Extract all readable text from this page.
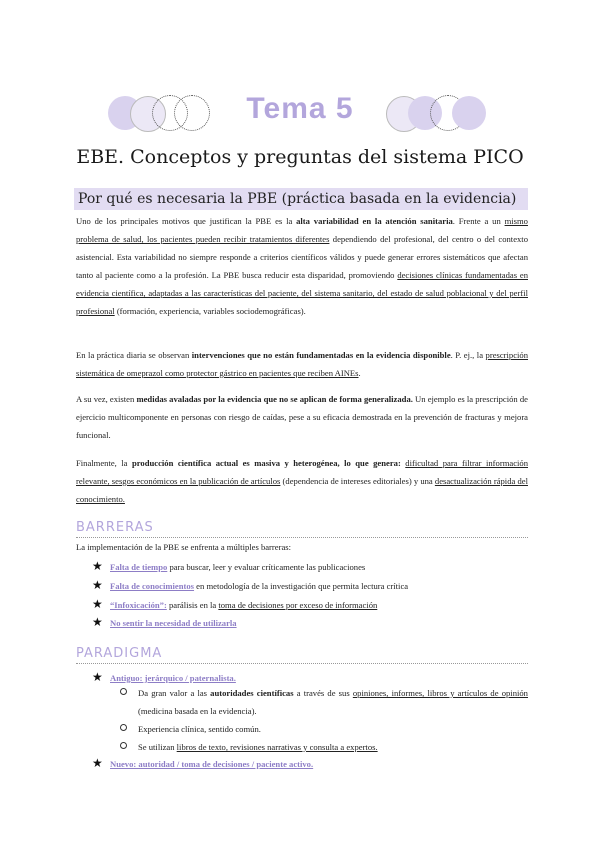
Tema 5
EBE. Conceptos y preguntas del sistema PICO
Por qué es necesaria la PBE (práctica basada en la evidencia)
Uno de los principales motivos que justifican la PBE es la alta variabilidad en la atención sanitaria. Frente a un mismo problema de salud, los pacientes pueden recibir tratamientos diferentes dependiendo del profesional, del centro o del contexto asistencial. Esta variabilidad no siempre responde a criterios científicos válidos y puede generar errores sistemáticos que afectan tanto al paciente como a la profesión. La PBE busca reducir esta disparidad, promoviendo decisiones clínicas fundamentadas en evidencia científica, adaptadas a las características del paciente, del sistema sanitario, del estado de salud poblacional y del perfil profesional (formación, experiencia, variables sociodemográficas).
En la práctica diaria se observan intervenciones que no están fundamentadas en la evidencia disponible. P. ej., la prescripción sistemática de omeprazol como protector gástrico en pacientes que reciben AINEs.
A su vez, existen medidas avaladas por la evidencia que no se aplican de forma generalizada. Un ejemplo es la prescripción de ejercicio multicomponente en personas con riesgo de caídas, pese a su eficacia demostrada en la prevención de fracturas y mejora funcional.
Finalmente, la producción científica actual es masiva y heterogénea, lo que genera: dificultad para filtrar información relevante, sesgos económicos en la publicación de artículos (dependencia de intereses editoriales) y una desactualización rápida del conocimiento.
BARRERAS
La implementación de la PBE se enfrenta a múltiples barreras:
★ Falta de tiempo para buscar, leer y evaluar críticamente las publicaciones
★ Falta de conocimientos en metodología de la investigación que permita lectura crítica
★ “Infoxicación”: parálisis en la toma de decisiones por exceso de información
★ No sentir la necesidad de utilizarla
PARADIGMA
★ Antiguo: jerárquico / paternalista.
Da gran valor a las autoridades científicas a través de sus opiniones, informes, libros y artículos de opinión (medicina basada en la evidencia).
Experiencia clínica, sentido común.
Se utilizan libros de texto, revisiones narrativas y consulta a expertos.
★ Nuevo: autoridad / toma de decisiones / paciente activo.
